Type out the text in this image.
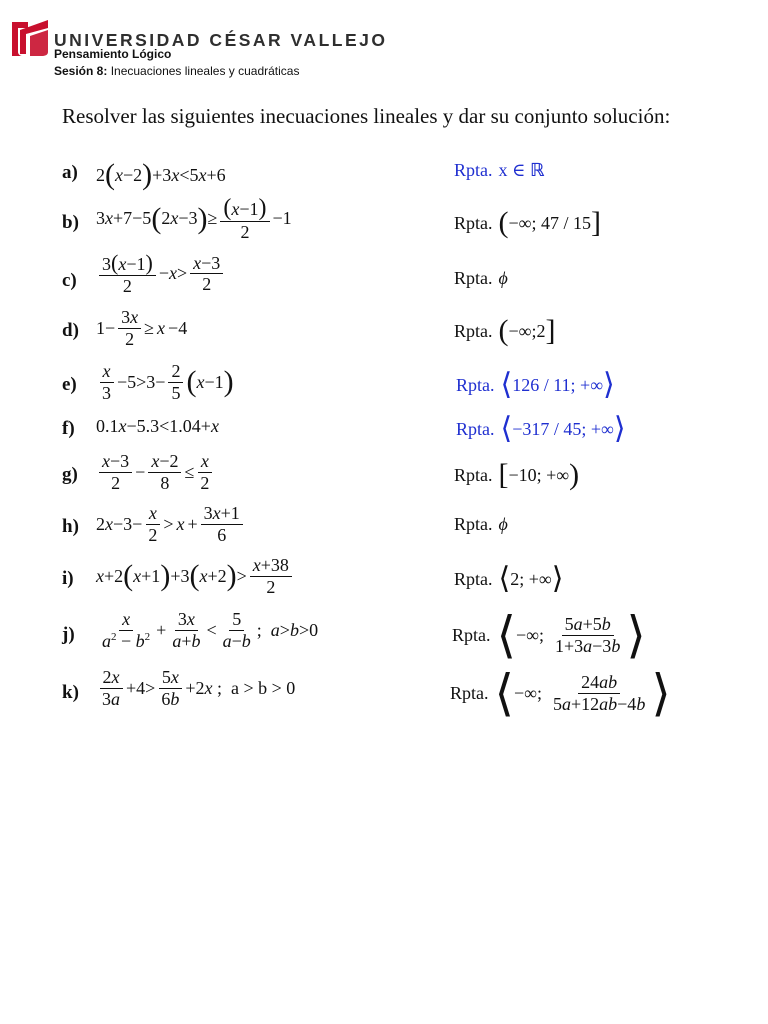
UNIVERSIDAD CÉSAR VALLEJO
Pensamiento Lógico
Sesión 8: Inecuaciones lineales y cuadráticas
Resolver las siguientes inecuaciones lineales y dar su conjunto solución:
a) 2 ( x −2 ) +3 x <5 x +6	Rpta. x ∈ ℝ
b) 3 x +7−5 ( 2 x −3 ) ≥ $\frac{(x-1)}{2} -1$	Rpta. ( −∞; 47 / 15 ]
$c) \frac{3(x-1)}{2} - x > \frac{x-3}{2}$	Rpta. ϕ
d) $1- \frac{3x}{2} \ge x -4$	Rpta. ( −∞;2 ]
$e) \frac{x}{3} -5>3- \frac{2}{5}$ ( x −1 )	Rpta. ⟨ 126 / 11; +∞ ⟩
f) 0.1 x −5.3<1.04+ x	Rpta. ⟨ −317 / 45; +∞ ⟩
$g) \frac{x-3}{2} - \frac{x-2}{8} \le \frac{x}{2}$	Rpta. [ −10; +∞ )
h) 2 $x -3- \frac{x}{2} > x + \frac{3x+1}{6}$	Rpta. ϕ
i) x +2 ( x +1 ) +3 ( x +2 ) > $\frac{x+38}{2}$	Rpta. ⟨ 2; +∞ ⟩
$j) \frac{x}{a^2 - b^2} + \frac{3x}{a+b} < \frac{5}{a-b}$ ; a > b >0	Rpta. ⟨ −∞; $\frac{5a+5b}{1+3a-3b}$ ⟩
$k) \frac{2x}{3a} +4> \frac{5x}{6b} +2$ x ;  a > b > 0	Rpta. ⟨ −∞; $\frac{24ab}{5a+12ab-4b}$ ⟩
